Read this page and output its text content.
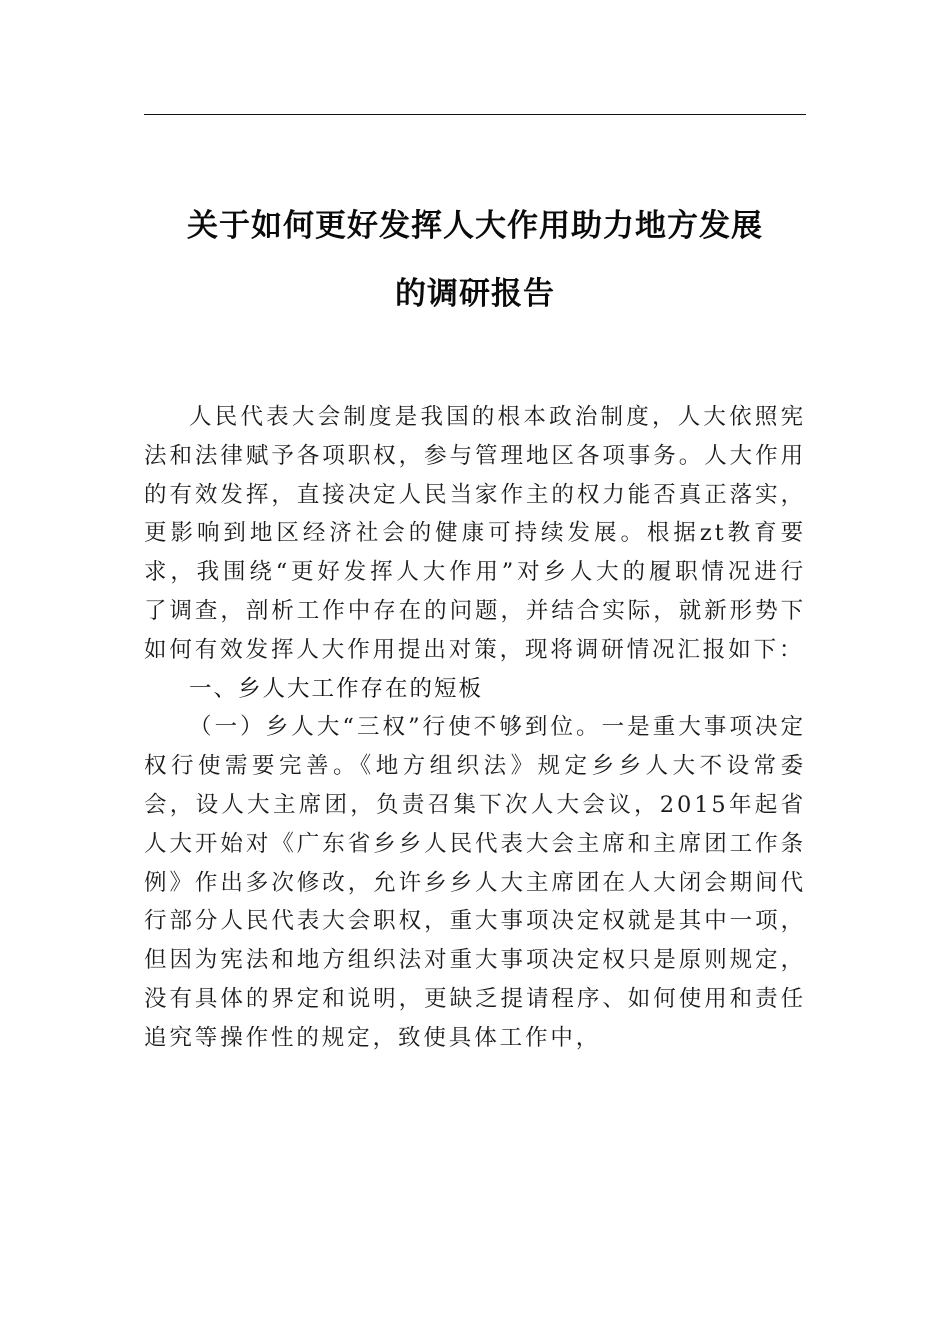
关于如何更好发挥人大作用助力地方发展
的调研报告

人民代表大会制度是我国的根本政治制度，人大依照宪法和法律赋予各项职权，参与管理地区各项事务。人大作用的有效发挥，直接决定人民当家作主的权力能否真正落实，更影响到地区经济社会的健康可持续发展。根据zt教育要求，我围绕“更好发挥人大作用”对乡人大的履职情况进行了调查，剖析工作中存在的问题，并结合实际，就新形势下如何有效发挥人大作用提出对策，现将调研情况汇报如下：

一、乡人大工作存在的短板

（一）乡人大“三权”行使不够到位。一是重大事项决定权行使需要完善。《地方组织法》规定乡乡人大不设常委会，设人大主席团，负责召集下次人大会议，2015年起省人大开始对《广东省乡乡人民代表大会主席和主席团工作条例》作出多次修改，允许乡乡人大主席团在人大闭会期间代行部分人民代表大会职权，重大事项决定权就是其中一项，但因为宪法和地方组织法对重大事项决定权只是原则规定，没有具体的界定和说明，更缺乏提请程序、如何使用和责任追究等操作性的规定，致使具体工作中，
